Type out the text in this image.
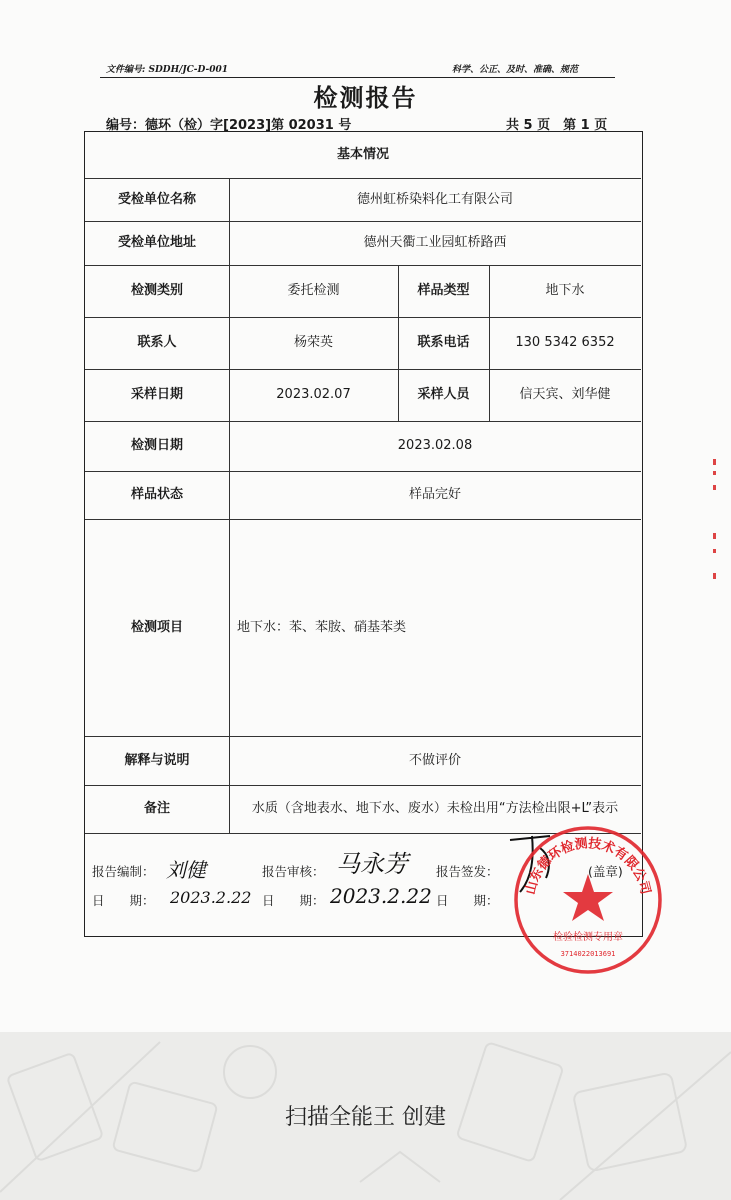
文件编号: SDDH/JC-D-001	科学、公正、及时、准确、规范
检测报告
编号：德环（检）字[2023]第 02031 号	共 5 页　第 1 页
基本情况
受检单位名称	德州虹桥染料化工有限公司
受检单位地址	德州天衢工业园虹桥路西
检测类别	委托检测	样品类型	地下水
联系人	杨荣英	联系电话	130 5342 6352
采样日期	2023.02.07	采样人员	信天宾、刘华健
检测日期	2023.02.08
样品状态	样品完好
检测项目	地下水：苯、苯胺、硝基苯类
解释与说明	不做评价
备注	水质（含地表水、地下水、废水）未检出用“方法检出限+L”表示
报告编制： 刘健	报告审核： 马永芳 报告签发：	(盖章)
日　　期： 2023.2.22 日　　期： 2023.2.22 日　　期：
山东德环检测技术有限公司
检验检测专用章
3714022013691
扫描全能王 创建
